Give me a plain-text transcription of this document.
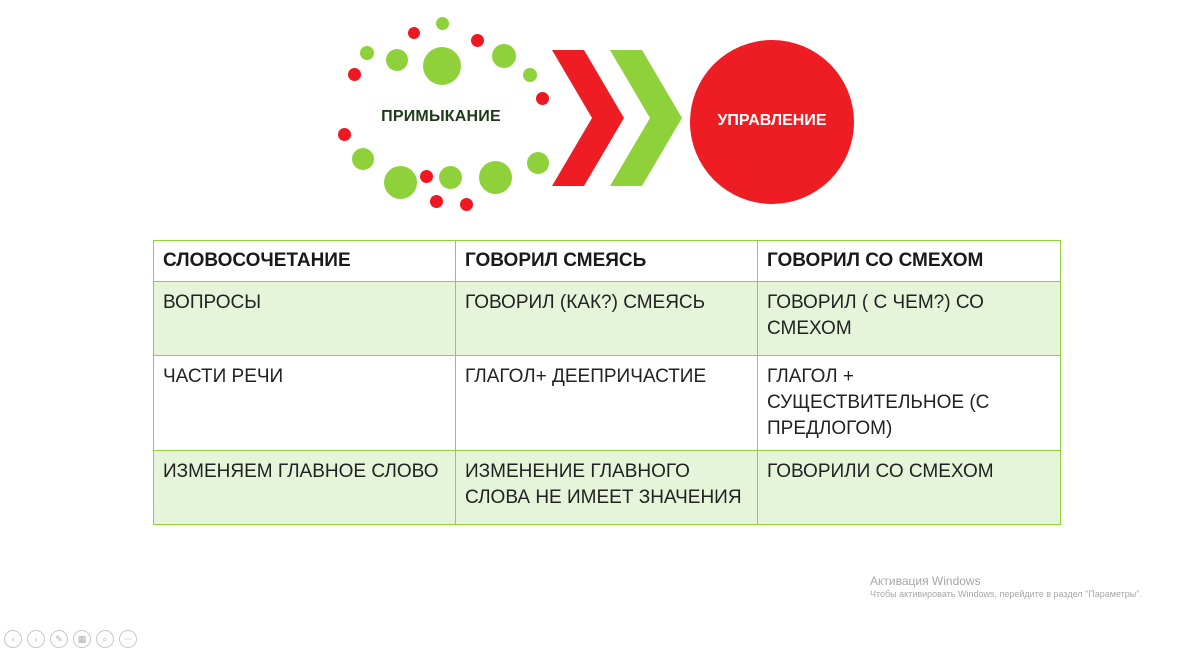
ПРИМЫКАНИЕ	УПРАВЛЕНИЕ
СЛОВОСОЧЕТАНИЕ	ГОВОРИЛ СМЕЯСЬ	ГОВОРИЛ СО СМЕХОМ
ВОПРОСЫ	ГОВОРИЛ (КАК?) СМЕЯСЬ	ГОВОРИЛ ( С ЧЕМ?) СО СМЕХОМ
ЧАСТИ РЕЧИ	ГЛАГОЛ+ ДЕЕПРИЧАСТИЕ	ГЛАГОЛ + СУЩЕСТВИТЕЛЬНОЕ (С ПРЕДЛОГОМ)
ИЗМЕНЯЕМ ГЛАВНОЕ СЛОВО	ИЗМЕНЕНИЕ ГЛАВНОГО СЛОВА НЕ ИМЕЕТ ЗНАЧЕНИЯ	ГОВОРИЛИ СО СМЕХОМ
Активация Windows
Чтобы активировать Windows, перейдите в раздел "Параметры".
‹	›	✎	▦	⌕	⋯
